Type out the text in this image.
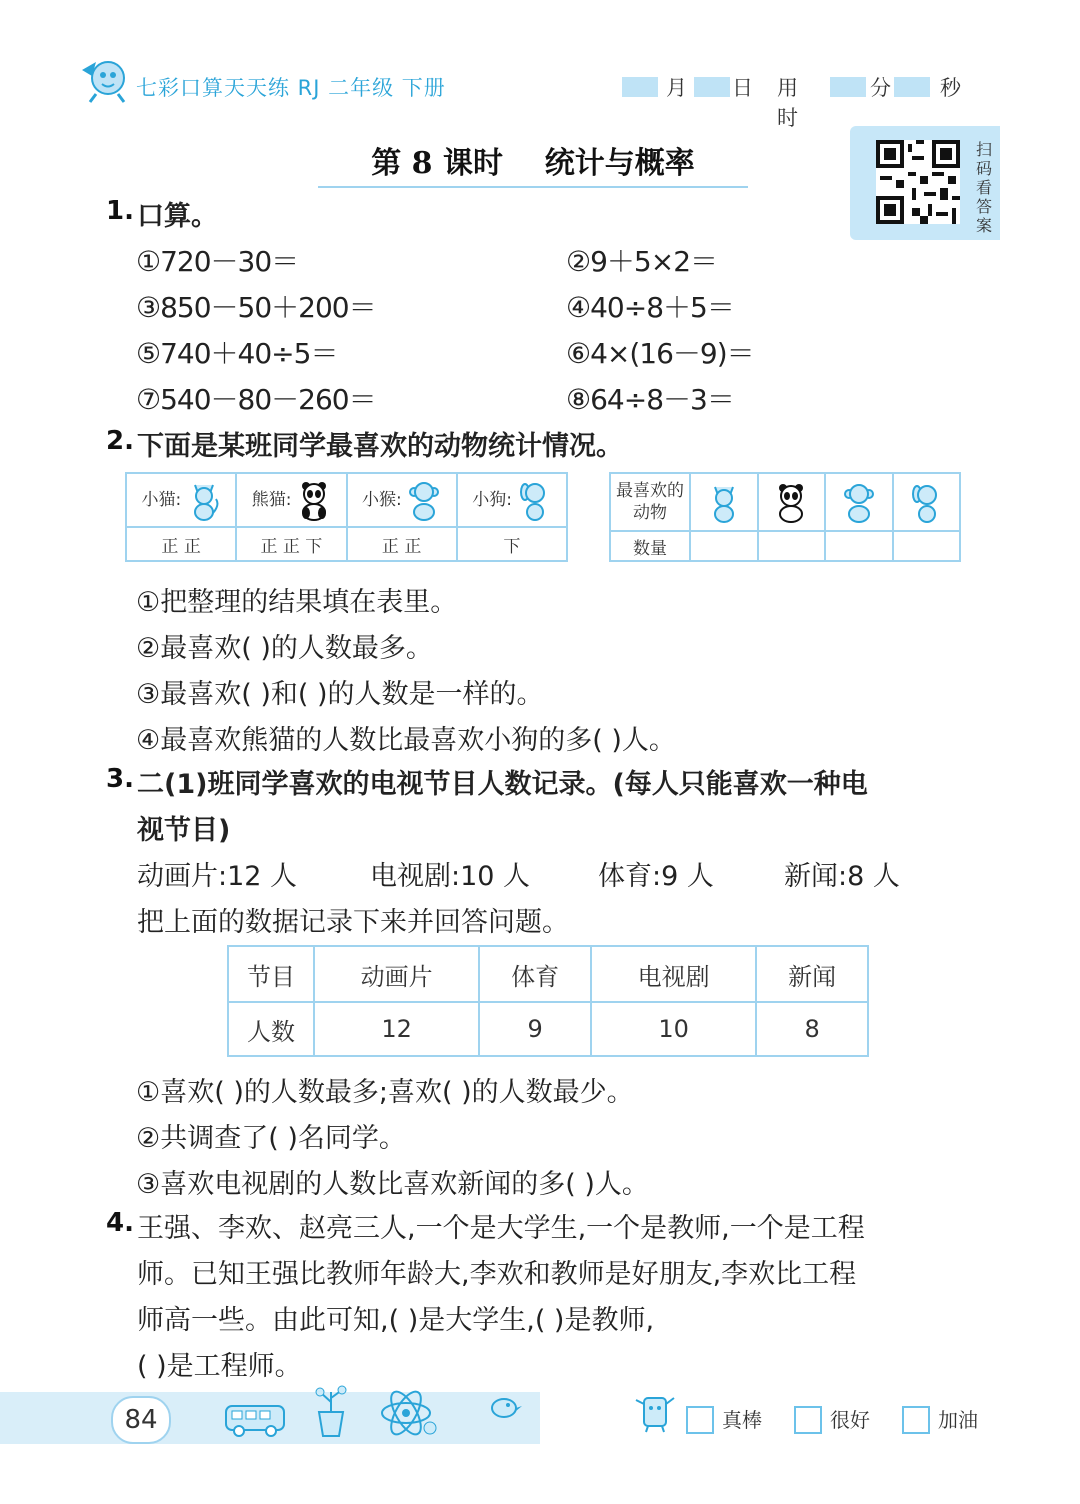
七彩口算天天练 RJ 二年级 下册	月 日 用时
分 秒
第 8 课时    统计与概率	扫码看答案
1. 口算。
①720－30＝	②9＋5×2＝
③850－50＋200＝	④40÷8＋5＝
⑤740＋40÷5＝	⑥4×(16－9)＝
⑦540－80－260＝	⑧64÷8－3＝
2. 下面是某班同学最喜欢的动物统计情况。
小猫:	熊猫:	小猴:	小狗:
正 正	正 正 下	正 正	下
最喜欢的动物				
数量				
①把整理的结果填在表里。
②最喜欢( )的人数最多。
③最喜欢( )和( )的人数是一样的。
④最喜欢熊猫的人数比最喜欢小狗的多( )人。
3. 二(1)班同学喜欢的电视节目人数记录。(每人只能喜欢一种电
视节目)
动画片:12 人	电视剧:10 人	体育:9 人	新闻:8 人
把上面的数据记录下来并回答问题。
节目	动画片	体育	电视剧	新闻
人数	12	9	10	8
①喜欢( )的人数最多;喜欢( )的人数最少。
②共调查了( )名同学。
③喜欢电视剧的人数比喜欢新闻的多( )人。
4. 王强、李欢、赵亮三人,一个是大学生,一个是教师,一个是工程
师。已知王强比教师年龄大,李欢和教师是好朋友,李欢比工程
师高一些。由此可知,( )是大学生,( )是教师,
( )是工程师。
84	真棒	很好	加油
